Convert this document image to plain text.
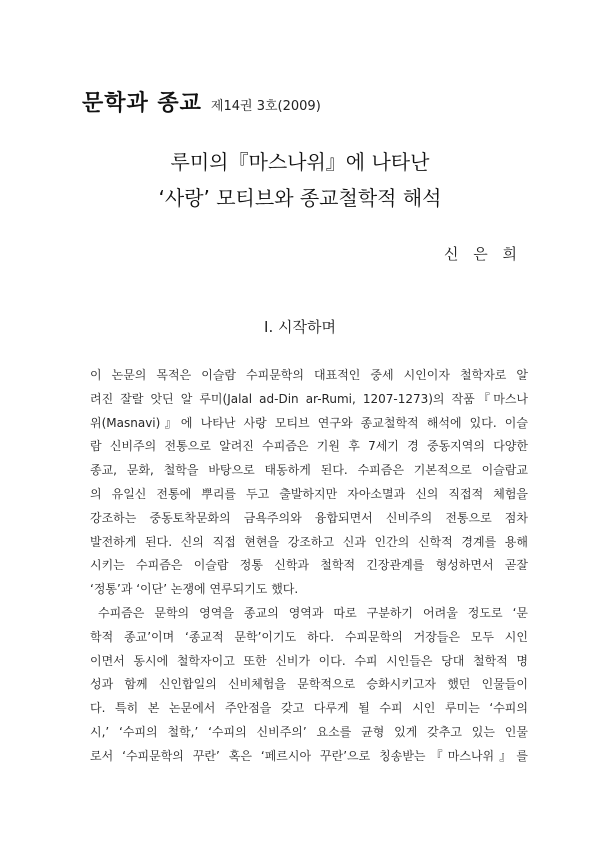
문학과 종교 제14권 3호(2009)
루미의『마스나위』에 나타난
‘사랑’ 모티브와 종교철학적 해석
신 은 희
I. 시작하며
이 논문의 목적은 이슬람 수피문학의 대표적인 중세 시인이자 철학자로 알
려진 잘랄 앗딘 알 루미(Jalal ad-Din ar-Rumi, 1207-1273)의 작품『마스나
위(Masnavi)』에 나타난 사랑 모티브 연구와 종교철학적 해석에 있다. 이슬
람 신비주의 전통으로 알려진 수피즘은 기원 후 7세기 경 중동지역의 다양한
종교, 문화, 철학을 바탕으로 태동하게 된다. 수피즘은 기본적으로 이슬람교
의 유일신 전통에 뿌리를 두고 출발하지만 자아소멸과 신의 직접적 체험을
강조하는 중동토착문화의 금욕주의와 융합되면서 신비주의 전통으로 점차
발전하게 된다. 신의 직접 현현을 강조하고 신과 인간의 신학적 경계를 용해
시키는 수피즘은 이슬람 정통 신학과 철학적 긴장관계를 형성하면서 곧잘
‘정통’과 ‘이단’ 논쟁에 연루되기도 했다.
수피즘은 문학의 영역을 종교의 영역과 따로 구분하기 어려울 정도로 ‘문
학적 종교’이며 ‘종교적 문학’이기도 하다. 수피문학의 거장들은 모두 시인
이면서 동시에 철학자이고 또한 신비가 이다. 수피 시인들은 당대 철학적 명
성과 함께 신인합일의 신비체험을 문학적으로 승화시키고자 했던 인물들이
다. 특히 본 논문에서 주안점을 갖고 다루게 될 수피 시인 루미는 ‘수피의
시,’ ‘수피의 철학,’ ‘수피의 신비주의’ 요소를 균형 있게 갖추고 있는 인물
로서 ‘수피문학의 꾸란’ 혹은 ‘페르시아 꾸란’으로 칭송받는『마스나위』를
